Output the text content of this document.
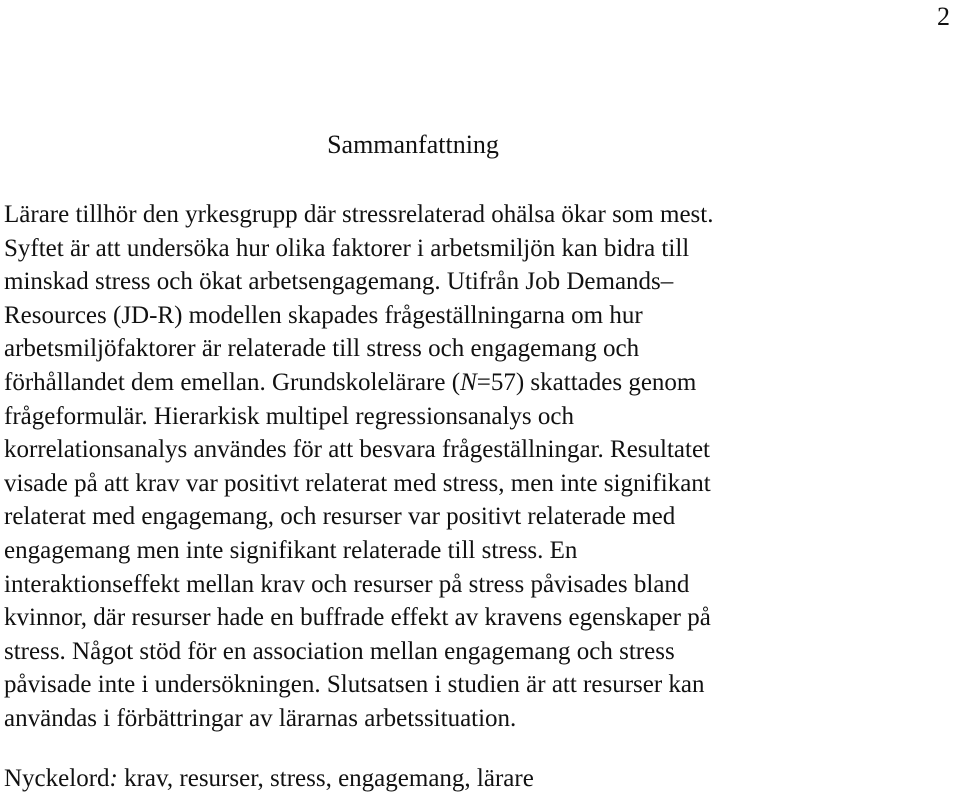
2
Sammanfattning
Lärare tillhör den yrkesgrupp där stressrelaterad ohälsa ökar som mest.
Syftet är att undersöka hur olika faktorer i arbetsmiljön kan bidra till
minskad stress och ökat arbetsengagemang. Utifrån Job Demands–
Resources (JD-R) modellen skapades frågeställningarna om hur
arbetsmiljöfaktorer är relaterade till stress och engagemang och
förhållandet dem emellan. Grundskolelärare (N=57) skattades genom
frågeformulär. Hierarkisk multipel regressionsanalys och
korrelationsanalys användes för att besvara frågeställningar. Resultatet
visade på att krav var positivt relaterat med stress, men inte signifikant
relaterat med engagemang, och resurser var positivt relaterade med
engagemang men inte signifikant relaterade till stress. En
interaktionseffekt mellan krav och resurser på stress påvisades bland
kvinnor, där resurser hade en buffrade effekt av kravens egenskaper på
stress. Något stöd för en association mellan engagemang och stress
påvisade inte i undersökningen. Slutsatsen i studien är att resurser kan
användas i förbättringar av lärarnas arbetssituation.
Nyckelord: krav, resurser, stress, engagemang, lärare
